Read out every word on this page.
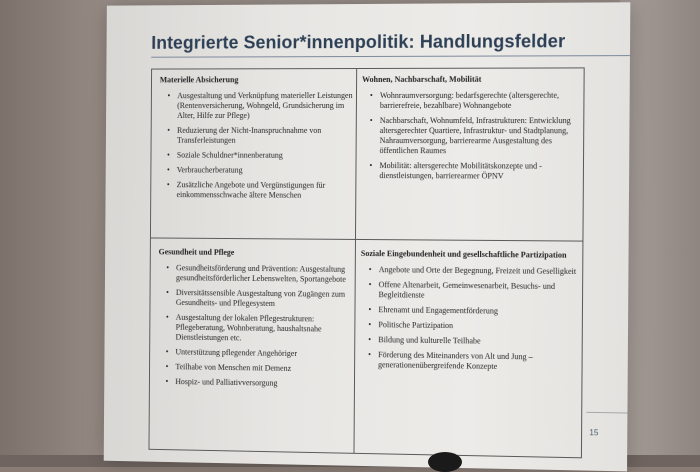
Integrierte Senior*innenpolitik: Handlungsfelder
Materielle Absicherung
• Ausgestaltung und Verknüpfung materieller Leistungen (Rentenversicherung, Wohngeld, Grundsicherung im Alter, Hilfe zur Pflege)
• Reduzierung der Nicht-Inanspruchnahme von Transferleistungen
• Soziale Schuldner*innenberatung
• Verbraucherberatung
• Zusätzliche Angebote und Vergünstigungen für einkommensschwache ältere Menschen
Wohnen, Nachbarschaft, Mobilität
• Wohnraumversorgung: bedarfsgerechte (altersgerechte, barrierefreie, bezahlbare) Wohnangebote
• Nachbarschaft, Wohnumfeld, Infrastrukturen: Entwicklung altersgerechter Quartiere, Infrastruktur- und Stadtplanung, Nahraumversorgung, barrierearme Ausgestaltung des öffentlichen Raumes
• Mobilität: altersgerechte Mobilitätskonzepte und -dienstleistungen, barrierearmer ÖPNV
Gesundheit und Pflege
• Gesundheitsförderung und Prävention: Ausgestaltung gesundheitsförderlicher Lebenswelten, Sportangebote
• Diversitätssensible Ausgestaltung von Zugängen zum Gesundheits- und Pflegesystem
• Ausgestaltung der lokalen Pflegestrukturen: Pflegeberatung, Wohnberatung, haushaltsnahe Dienstleistungen etc.
• Unterstützung pflegender Angehöriger
• Teilhabe von Menschen mit Demenz
• Hospiz- und Palliativversorgung
Soziale Eingebundenheit und gesellschaftliche Partizipation
• Angebote und Orte der Begegnung, Freizeit und Geselligkeit
• Offene Altenarbeit, Gemeinwesenarbeit, Besuchs- und Begleitdienste
• Ehrenamt und Engagementförderung
• Politische Partizipation
• Bildung und kulturelle Teilhabe
• Förderung des Miteinanders von Alt und Jung – generationenübergreifende Konzepte
15
